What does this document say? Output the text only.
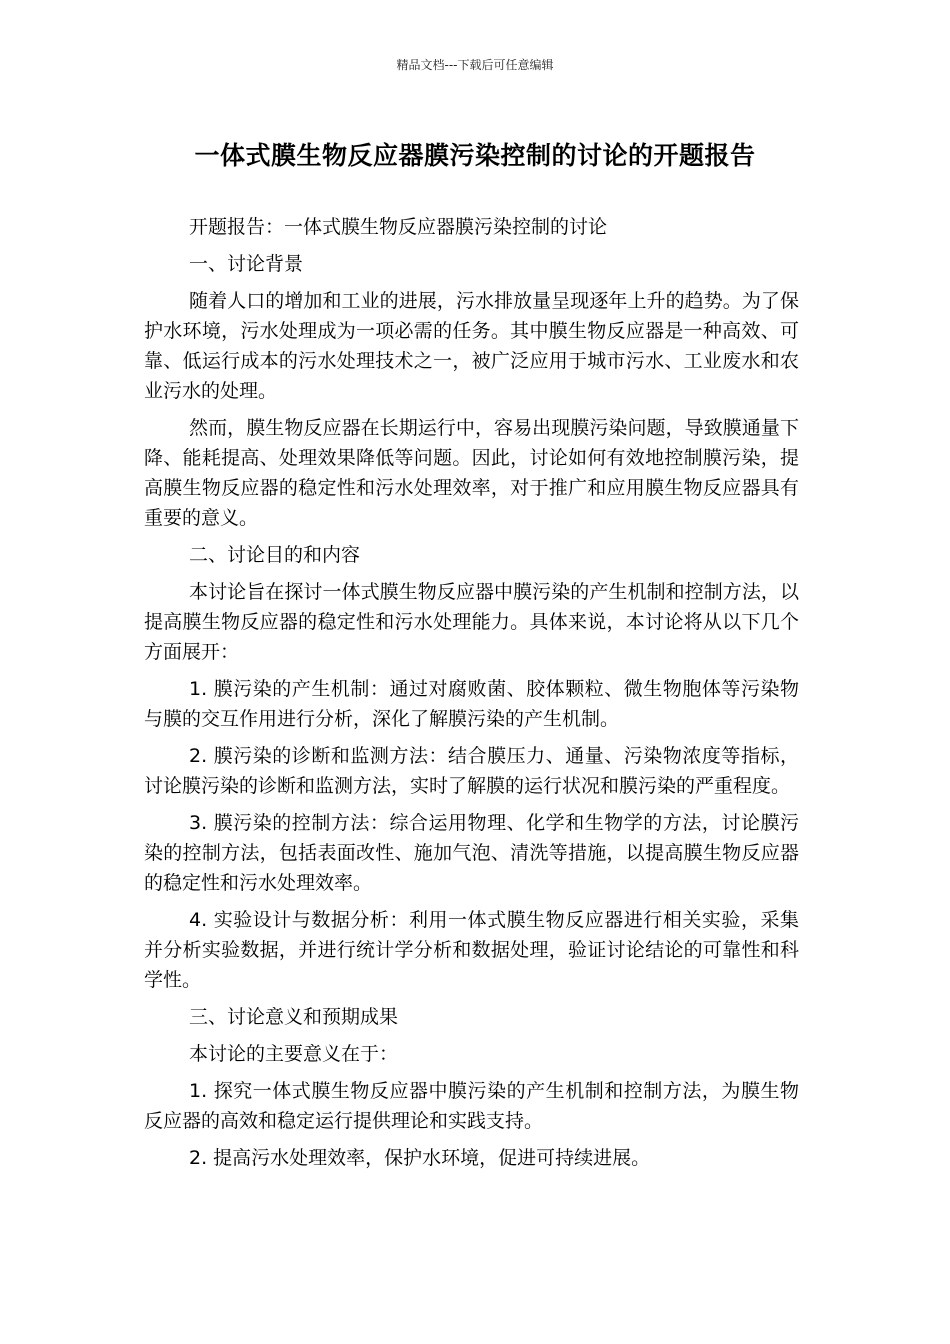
精品文档---下载后可任意编辑
一体式膜生物反应器膜污染控制的讨论的开题报告

开题报告：一体式膜生物反应器膜污染控制的讨论

一、讨论背景

随着人口的增加和工业的进展，污水排放量呈现逐年上升的趋势。为了保护水环境，污水处理成为一项必需的任务。其中膜生物反应器是一种高效、可靠、低运行成本的污水处理技术之一，被广泛应用于城市污水、工业废水和农业污水的处理。

然而，膜生物反应器在长期运行中，容易出现膜污染问题，导致膜通量下降、能耗提高、处理效果降低等问题。因此，讨论如何有效地控制膜污染，提高膜生物反应器的稳定性和污水处理效率，对于推广和应用膜生物反应器具有重要的意义。

二、讨论目的和内容

本讨论旨在探讨一体式膜生物反应器中膜污染的产生机制和控制方法，以提高膜生物反应器的稳定性和污水处理能力。具体来说，本讨论将从以下几个方面展开：

1. 膜污染的产生机制：通过对腐败菌、胶体颗粒、微生物胞体等污染物与膜的交互作用进行分析，深化了解膜污染的产生机制。

2. 膜污染的诊断和监测方法：结合膜压力、通量、污染物浓度等指标，讨论膜污染的诊断和监测方法，实时了解膜的运行状况和膜污染的严重程度。

3. 膜污染的控制方法：综合运用物理、化学和生物学的方法，讨论膜污染的控制方法，包括表面改性、施加气泡、清洗等措施，以提高膜生物反应器的稳定性和污水处理效率。

4. 实验设计与数据分析：利用一体式膜生物反应器进行相关实验，采集并分析实验数据，并进行统计学分析和数据处理，验证讨论结论的可靠性和科学性。

三、讨论意义和预期成果

本讨论的主要意义在于：

1. 探究一体式膜生物反应器中膜污染的产生机制和控制方法，为膜生物反应器的高效和稳定运行提供理论和实践支持。

2. 提高污水处理效率，保护水环境，促进可持续进展。
